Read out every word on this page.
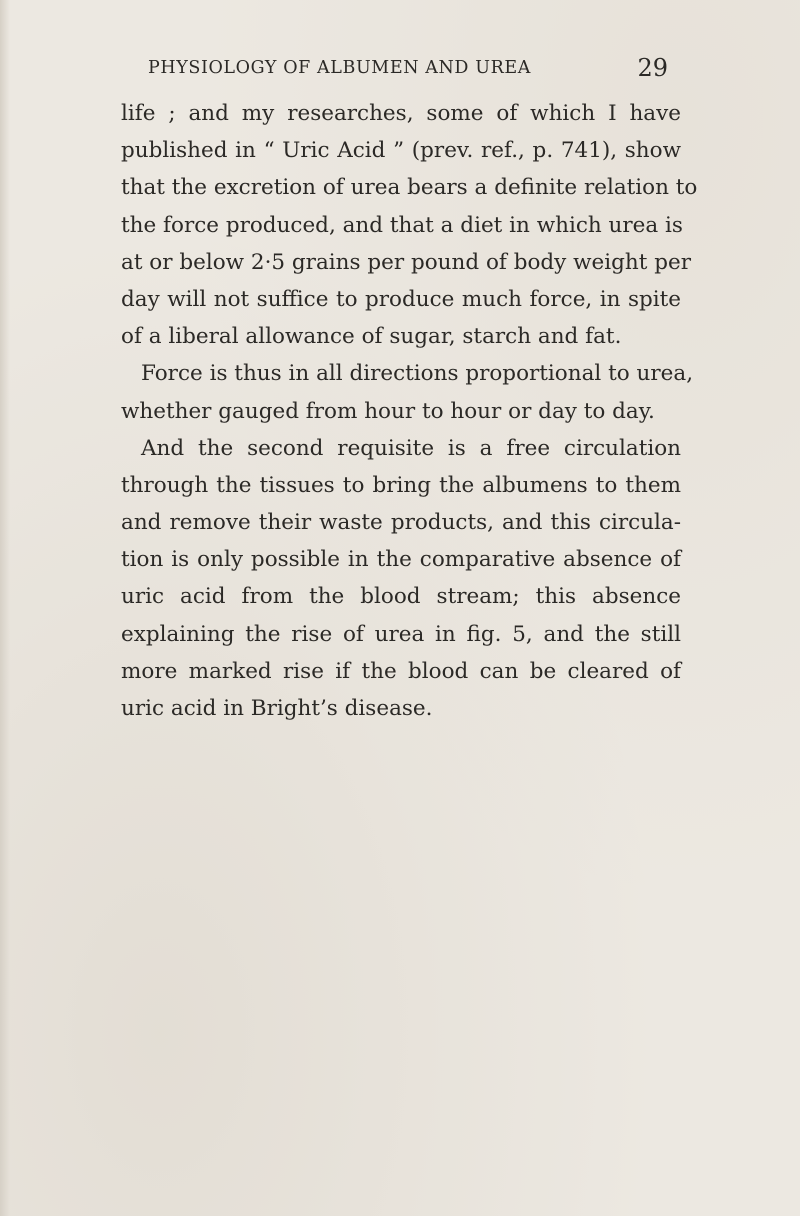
PHYSIOLOGY OF ALBUMEN AND UREA	29
life ; and my researches, some of which I have
published in “ Uric Acid ” (prev. ref., p. 741), show
that the excretion of urea bears a definite relation to
the force produced, and that a diet in which urea is
at or below 2·5 grains per pound of body weight per
day will not suffice to produce much force, in spite
of a liberal allowance of sugar, starch and fat.
Force is thus in all directions proportional to urea,
whether gauged from hour to hour or day to day.
And the second requisite is a free circulation
through the tissues to bring the albumens to them
and remove their waste products, and this circula-
tion is only possible in the comparative absence of
uric acid from the blood stream; this absence
explaining the rise of urea in fig. 5, and the still
more marked rise if the blood can be cleared of
uric acid in Bright’s disease.
